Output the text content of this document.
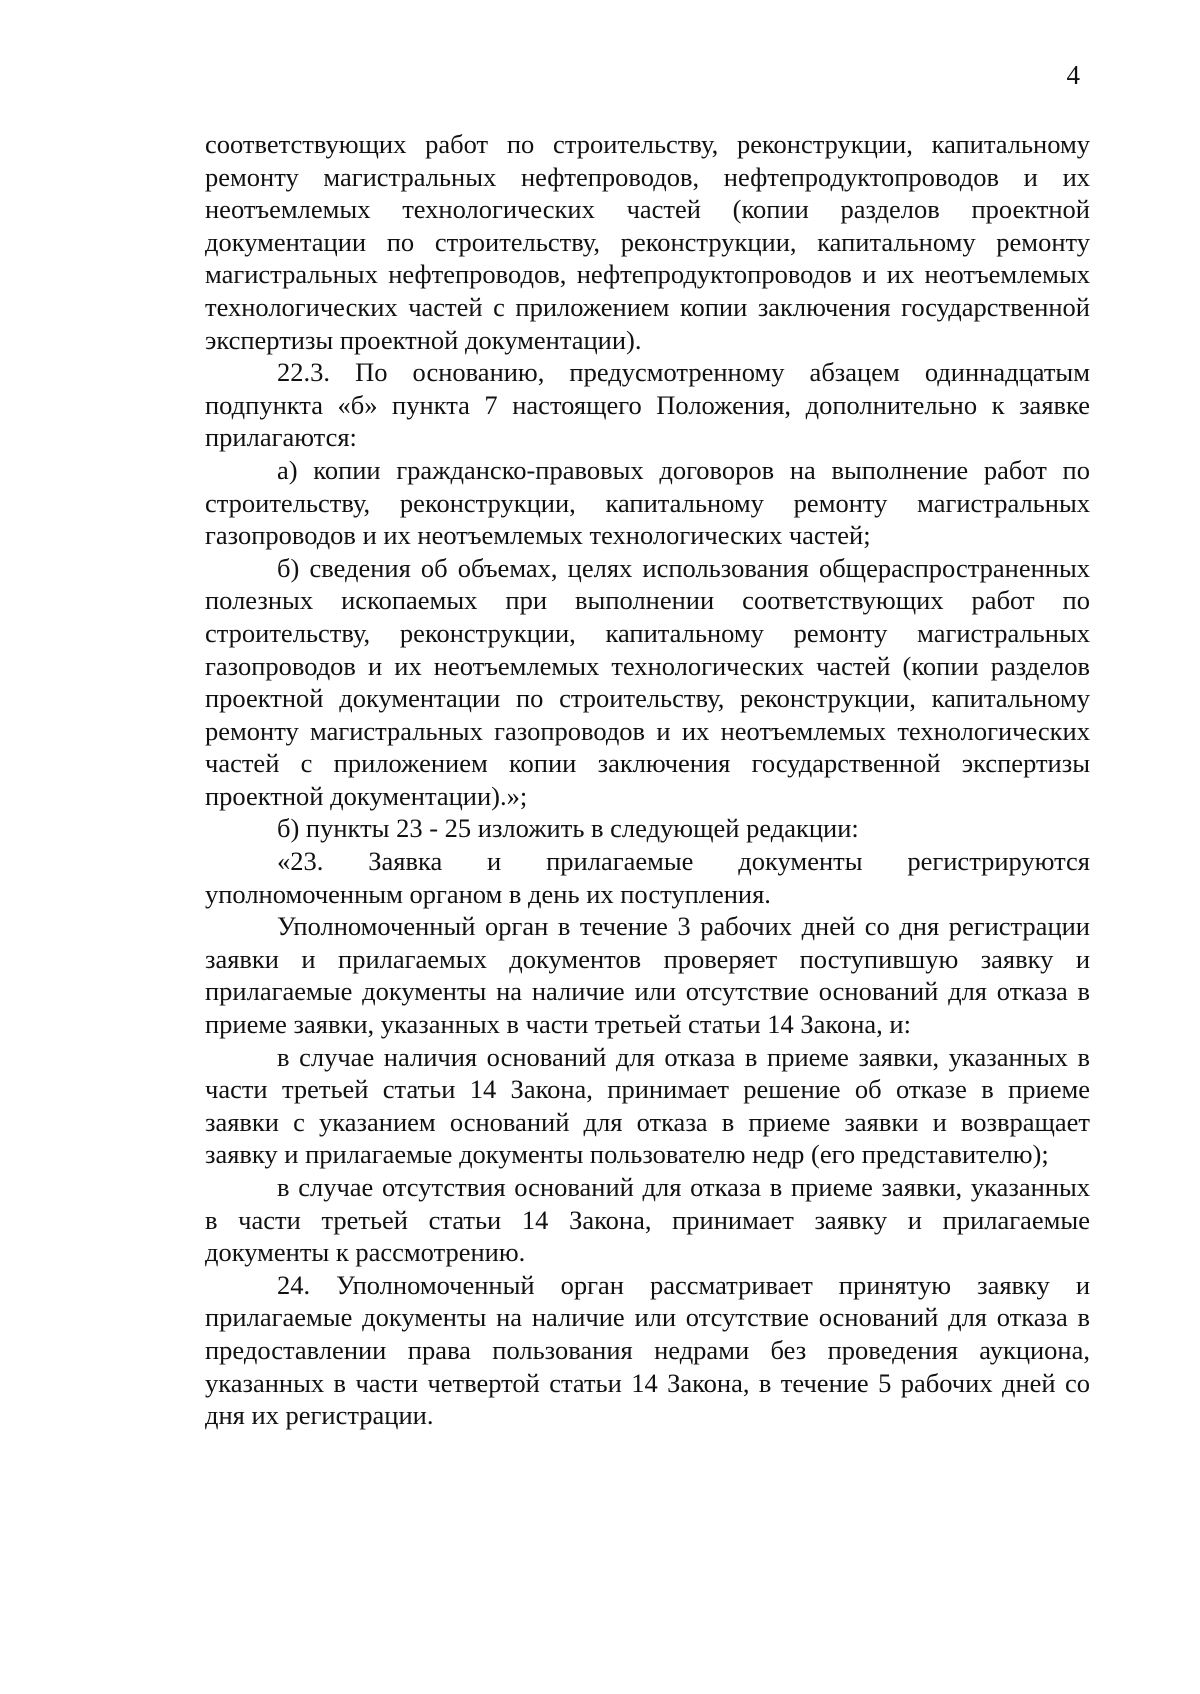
4

соответствующих работ по строительству, реконструкции, капитальному ремонту магистральных нефтепроводов, нефтепродуктопроводов и их неотъемлемых технологических частей (копии разделов проектной документации по строительству, реконструкции, капитальному ремонту магистральных нефтепроводов, нефтепродуктопроводов и их неотъемлемых технологических частей с приложением копии заключения государственной экспертизы проектной документации).

22.3. По основанию, предусмотренному абзацем одиннадцатым подпункта «б» пункта 7 настоящего Положения, дополнительно к заявке прилагаются:

а) копии гражданско-правовых договоров на выполнение работ по строительству, реконструкции, капитальному ремонту магистральных газопроводов и их неотъемлемых технологических частей;

б) сведения об объемах, целях использования общераспространенных полезных ископаемых при выполнении соответствующих работ по строительству, реконструкции, капитальному ремонту магистральных газопроводов и их неотъемлемых технологических частей (копии разделов проектной документации по строительству, реконструкции, капитальному ремонту магистральных газопроводов и их неотъемлемых технологических частей с приложением копии заключения государственной экспертизы проектной документации).»;

б) пункты 23 - 25 изложить в следующей редакции:

«23. Заявка и прилагаемые документы регистрируются уполномоченным органом в день их поступления.

Уполномоченный орган в течение 3 рабочих дней со дня регистрации заявки и прилагаемых документов проверяет поступившую заявку и прилагаемые документы на наличие или отсутствие оснований для отказа в приеме заявки, указанных в части третьей статьи 14 Закона, и:

в случае наличия оснований для отказа в приеме заявки, указанных в части третьей статьи 14 Закона, принимает решение об отказе в приеме заявки с указанием оснований для отказа в приеме заявки и возвращает заявку и прилагаемые документы пользователю недр (его представителю);

в случае отсутствия оснований для отказа в приеме заявки, указанных в части третьей статьи 14 Закона, принимает заявку и прилагаемые документы к рассмотрению.

24. Уполномоченный орган рассматривает принятую заявку и прилагаемые документы на наличие или отсутствие оснований для отказа в предоставлении права пользования недрами без проведения аукциона, указанных в части четвертой статьи 14 Закона, в течение 5 рабочих дней со дня их регистрации.
